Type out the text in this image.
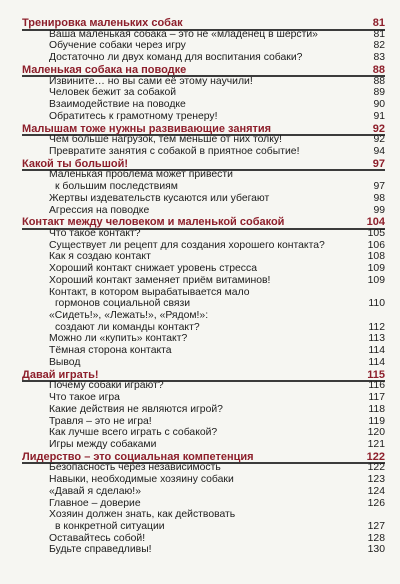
Тренировка маленьких собак	81
Ваша маленькая собака – это не «младенец в шерсти»	81
Обучение собаки через игру	82
Достаточно ли двух команд для воспитания собаки?	83
Маленькая собака на поводке	88
Извините… но вы сами её этому научили!	88
Человек бежит за собакой	89
Взаимодействие на поводке	90
Обратитесь к грамотному тренеру!	91
Малышам тоже нужны развивающие занятия	92
Чем больше нагрузок, тем меньше от них толку!	92
Превратите занятия с собакой в приятное событие!	94
Какой ты большой!	97
Маленькая проблема может привести
к большим последствиям	97
Жертвы издевательств кусаются или убегают	98
Агрессия на поводке	99
Контакт между человеком и маленькой собакой	104
Что такое контакт?	105
Существует ли рецепт для создания хорошего контакта?	106
Как я создаю контакт	108
Хороший контакт снижает уровень стресса	109
Хороший контакт заменяет приём витаминов!	109
Контакт, в котором вырабатывается мало
гормонов социальной связи	110
«Сидеть!», «Лежать!», «Рядом!»:
создают ли команды контакт?	112
Можно ли «купить» контакт?	113
Тёмная сторона контакта	114
Вывод	114
Давай играть!	115
Почему собаки играют?	116
Что такое игра	117
Какие действия не являются игрой?	118
Травля – это не игра!	119
Как лучше всего играть с собакой?	120
Игры между собаками	121
Лидерство – это социальная компетенция	122
Безопасность через независимость	122
Навыки, необходимые хозяину собаки	123
«Давай я сделаю!»	124
Главное – доверие	126
Хозяин должен знать, как действовать
в конкретной ситуации	127
Оставайтесь собой!	128
Будьте справедливы!	130
